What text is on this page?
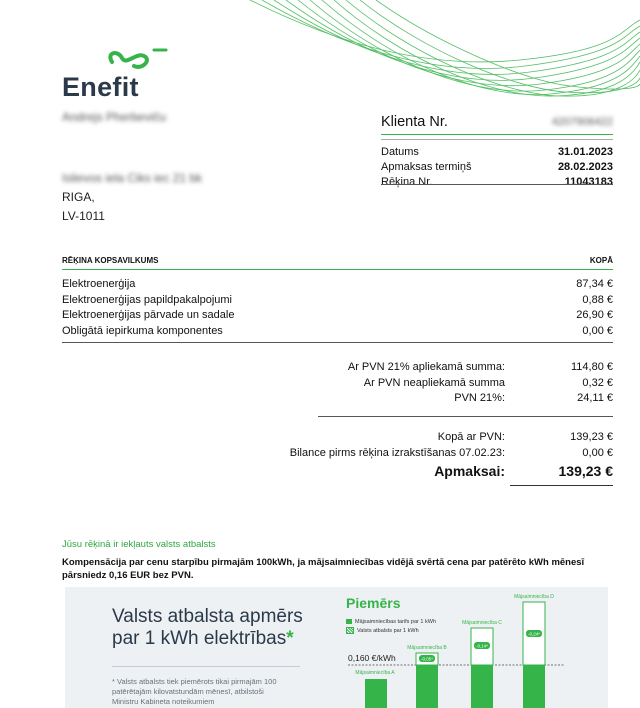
Enefit
Andrejs Pherbeviču
Islievos iela Ciks iec 21 bk
RIGA,
LV-1011
Klienta Nr.	4207906422
Datums	31.01.2023
Apmaksas termiņš	28.02.2023
Rēķina Nr.	11043183
RĒĶINA KOPSAVILKUMS	KOPĀ
Elektroenerģija	87,34 €
Elektroenerģijas papildpakalpojumi	0,88 €
Elektroenerģijas pārvade un sadale	26,90 €
Obligātā iepirkuma komponentes	0,00 €
Ar PVN 21% apliekamā summa:	114,80 €
Ar PVN neapliekamā summa	0,32 €
PVN 21%:	24,11 €
Kopā ar PVN:	139,23 €
Bilance pirms rēķina izrakstīšanas 07.02.23:	0,00 €
Apmaksai:	139,23 €
Jūsu rēķinā ir iekļauts valsts atbalsts
Kompensācija par cenu starpību pirmajām 100kWh, ja mājsaimniecības vidējā svērtā cena par patērēto kWh mēnesī pārsniedz 0,16 EUR bez PVN.
Valsts atbalsta apmērs
par 1 kWh elektrības*
* Valsts atbalsts tiek piemērots tikai pirmajām 100 patērētajām kilovatstundām mēnesī, atbilstoši Ministru Kabineta noteikumiem
Piemērs
Mājsaimniecības tarifs par 1 kWh
Valsts atbalsts par 1 kWh
0,160 €/kWh
Mājsaimniecība A
Mājsaimniecība B
-0,05*
Mājsaimniecība C
-0,14*
Mājsaimniecība D
-0,24*
